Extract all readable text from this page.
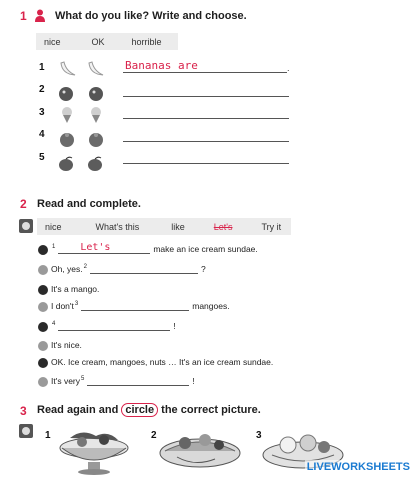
1	What do you like? Write and choose.
nice	OK	horrible
1	Bananas are	.
2
3
4
5
2 Read and complete.
nice	What's this	like	Let's	Try it
$^1$	Let's	make an ice cream sundae.
Oh, yes.$^2$	?
It's a mango.
I $don't^3$	mangoes.
$^4$	!
It's nice.
OK. Ice cream, mangoes, nuts … It's an ice cream sundae.
It's very$^5$	!
3 Read again and circle the correct picture.
1	2	3
LIVEWORKSHEETS
